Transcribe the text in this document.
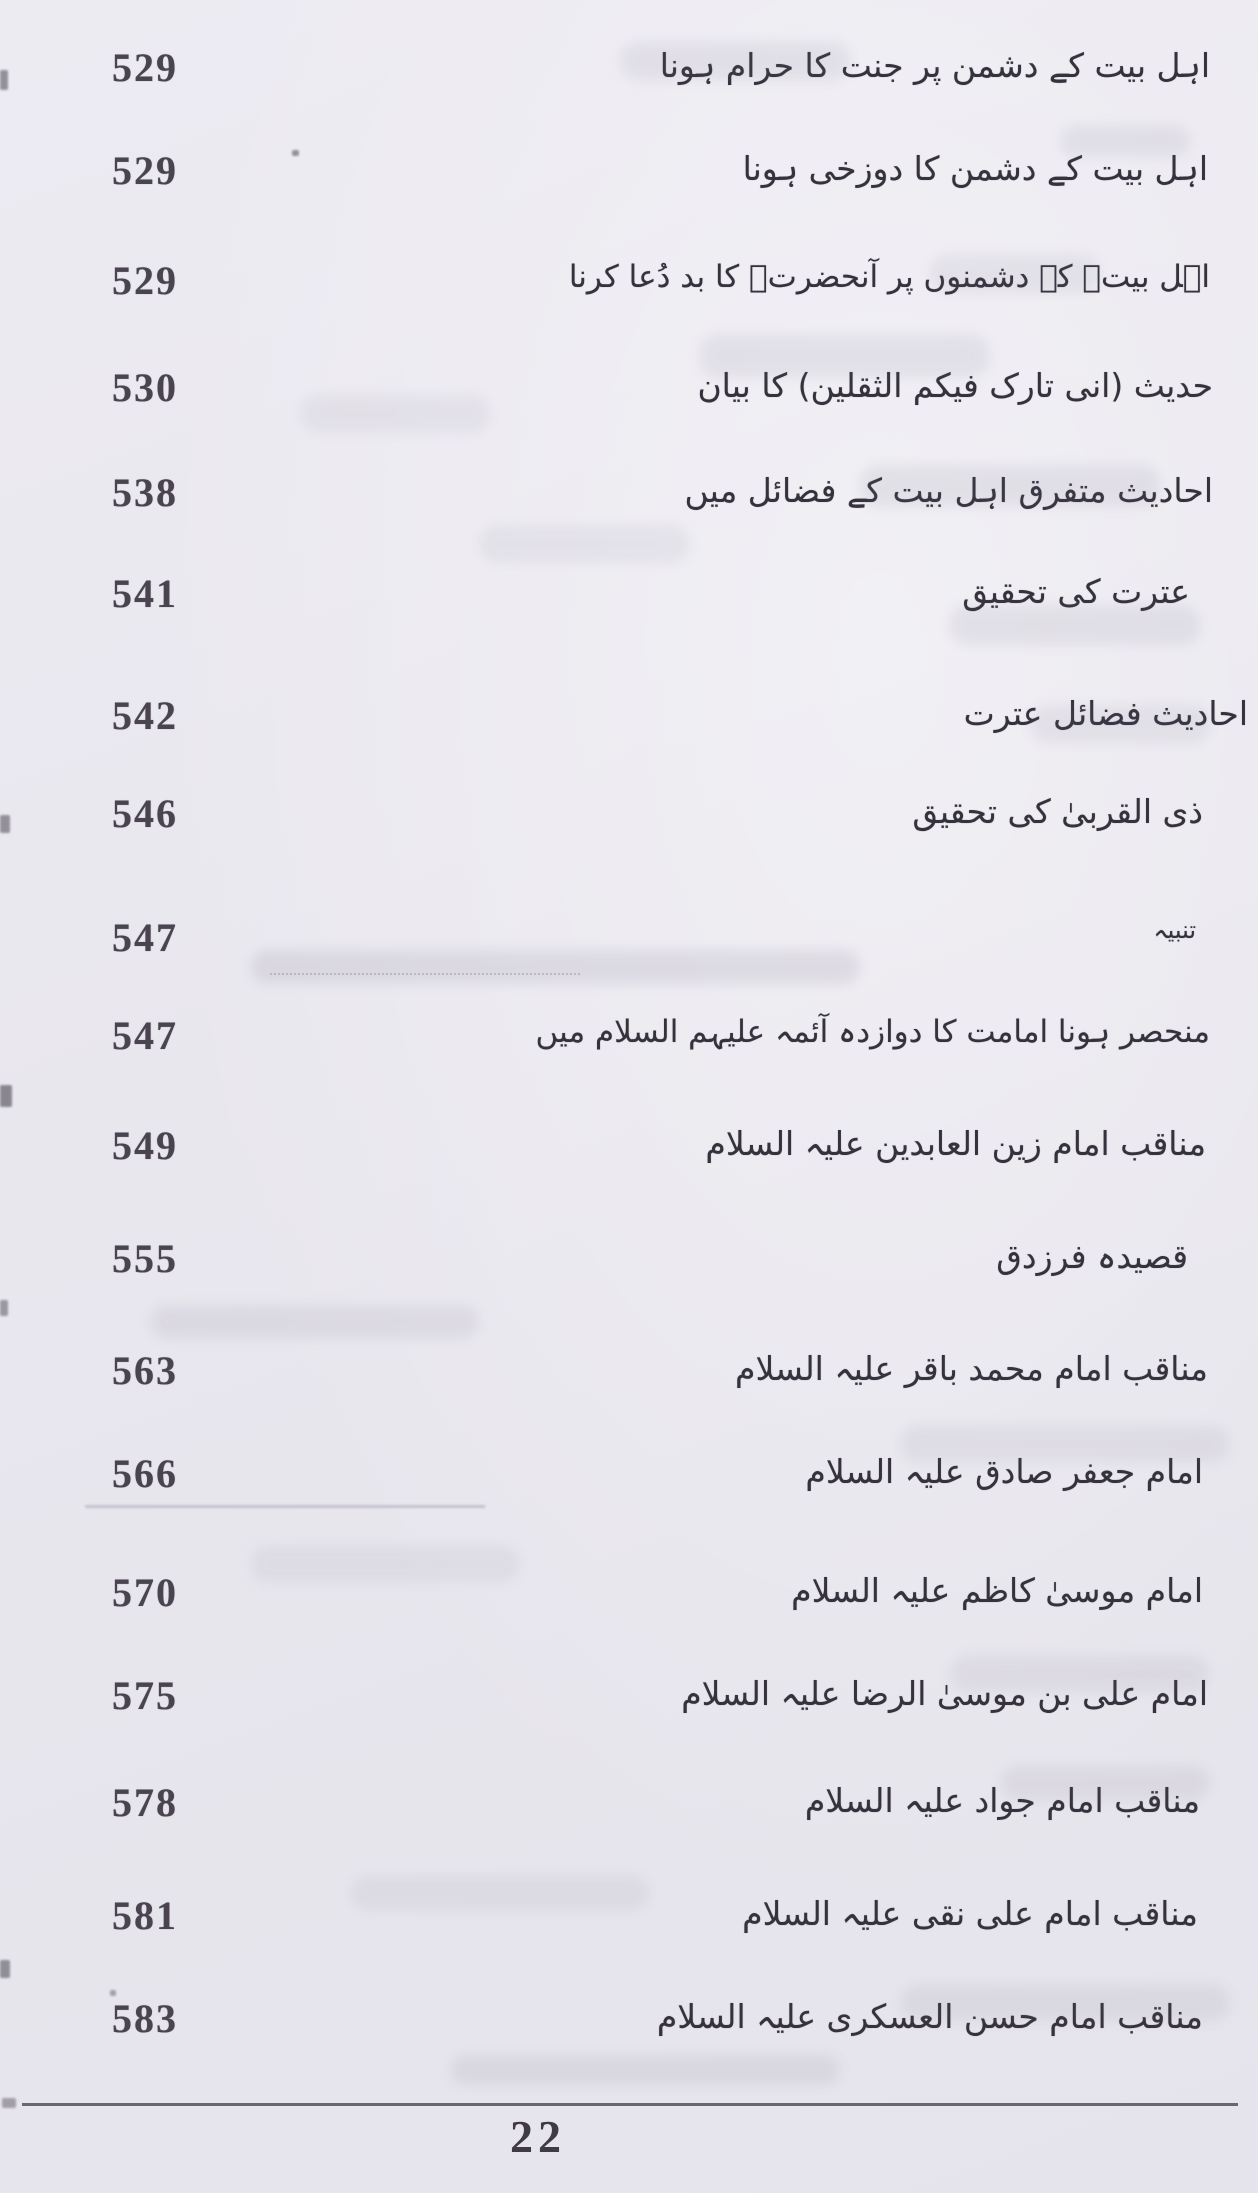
529	اہل بیت کے دشمن پر جنت کا حرام ہونا
529	اہل بیت کے دشمن کا دوزخی ہونا
529	اہل بیتؑ کے دشمنوں پر آنحضرتؐ کا بد دُعا کرنا
530	حدیث (انی تارک فیکم الثقلین) کا بیان
538	احادیث متفرق اہل بیت کے فضائل میں
541	عترت کی تحقیق
542	احادیث فضائل عترت
546	ذی القربیٰ کی تحقیق
547	تنبیہ
547	منحصر ہونا امامت کا دوازدہ آئمہ علیہم السلام میں
549	مناقب امام زین العابدین علیہ السلام
555	قصیدہ فرزدق
563	مناقب امام محمد باقر علیہ السلام
566	امام جعفر صادق علیہ السلام
570	امام موسیٰ کاظم علیہ السلام
575	امام علی بن موسیٰ الرضا علیہ السلام
578	مناقب امام جواد علیہ السلام
581	مناقب امام علی نقی علیہ السلام
583	مناقب امام حسن العسکری علیہ السلام
22
